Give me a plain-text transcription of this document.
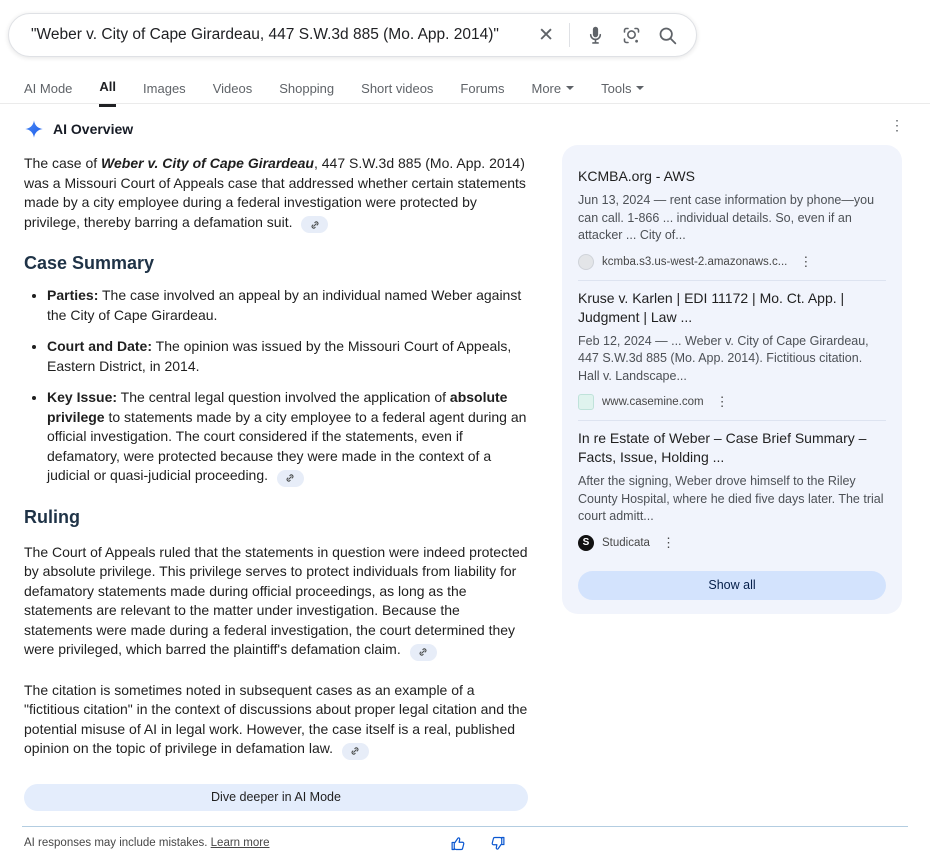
"Weber v. City of Cape Girardeau, 447 S.W.3d 885 (Mo. App. 2014)"	✕
AI Mode All Images Videos Shopping Short videos Forums More	Tools
AI Overview
The case of Weber v. City of Cape Girardeau, 447 S.W.3d 885 (Mo. App. 2014) was a Missouri Court of Appeals case that addressed whether certain statements made by a city employee during a federal investigation were protected by privilege, thereby barring a defamation suit.
Case Summary
• Parties: The case involved an appeal by an individual named Weber against the City of Cape Girardeau.
• Court and Date: The opinion was issued by the Missouri Court of Appeals, Eastern District, in 2014.
• Key Issue: The central legal question involved the application of absolute privilege to statements made by a city employee to a federal agent during an official investigation. The court considered if the statements, even if defamatory, were protected because they were made in the context of a judicial or quasi-judicial proceeding.
Ruling
The Court of Appeals ruled that the statements in question were indeed protected by absolute privilege. This privilege serves to protect individuals from liability for defamatory statements made during official proceedings, as long as the statements are relevant to the matter under investigation. Because the statements were made during a federal investigation, the court determined they were privileged, which barred the plaintiff's defamation claim.
The citation is sometimes noted in subsequent cases as an example of a "fictitious citation" in the context of discussions about proper legal citation and the potential misuse of AI in legal work. However, the case itself is a real, published opinion on the topic of privilege in defamation law.
Dive deeper in AI Mode
AI responses may include mistakes. Learn more
⋮
KCMBA.org - AWS
Jun 13, 2024 — rent case information by phone—you can call. 1-866 ... individual details. So, even if an attacker ... City of...
kcmba.s3.us-west-2.amazonaws.c... ⋮
Kruse v. Karlen | EDI 11172 | Mo. Ct. App. | Judgment | Law ...
Feb 12, 2024 — ... Weber v. City of Cape Girardeau, 447 S.W.3d 885 (Mo. App. 2014). Fictitious citation. Hall v. Landscape...
www.casemine.com ⋮
In re Estate of Weber – Case Brief Summary – Facts, Issue, Holding ...
After the signing, Weber drove himself to the Riley County Hospital, where he died five days later. The trial court admitt...
S	Studicata ⋮
Show all
